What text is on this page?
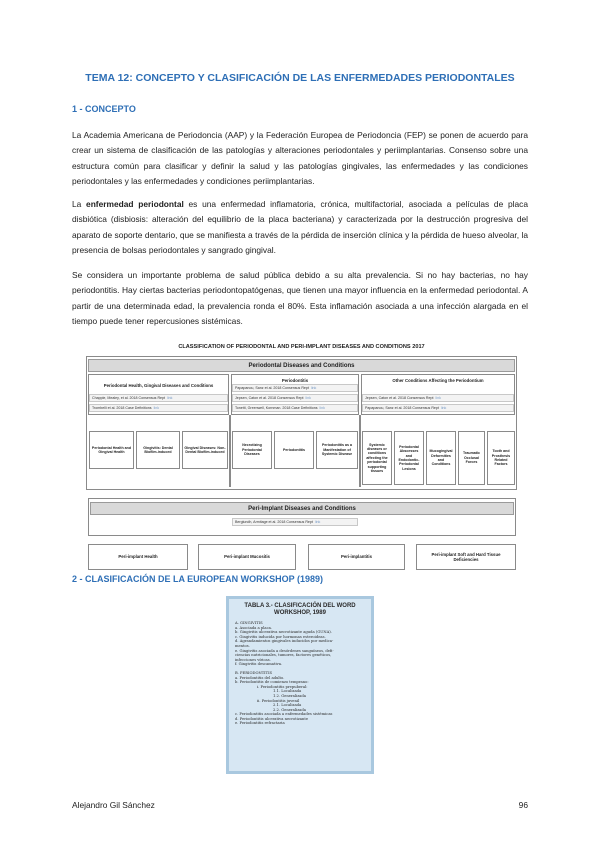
TEMA 12: CONCEPTO Y CLASIFICACIÓN DE LAS ENFERMEDADES PERIODONTALES
1 - CONCEPTO

La Academia Americana de Periodoncia (AAP) y la Federación Europea de Periodoncia (FEP) se ponen de acuerdo para crear un sistema de clasificación de las patologías y alteraciones periodontales y periimplantarias. Consenso sobre una estructura común para clasificar y definir la salud y las patologías gingivales, las enfermedades y las condiciones periodontales y las enfermedades y condiciones periimplantarias.

La enfermedad periodontal es una enfermedad inflamatoria, crónica, multifactorial, asociada a películas de placa disbiótica (disbiosis: alteración del equilibrio de la placa bacteriana) y caracterizada por la destrucción progresiva del aparato de soporte dentario, que se manifiesta a través de la pérdida de inserción clínica y la pérdida de hueso alveolar, la presencia de bolsas periodontales y sangrado gingival.

Se considera un importante problema de salud pública debido a su alta prevalencia. Si no hay bacterias, no hay periodontitis. Hay ciertas bacterias periodontopatógenas, que tienen una mayor influencia en la enfermedad periodontal. A partir de una determinada edad, la prevalencia ronda el 80%. Esta inflamación asociada a una infección alargada en el tiempo puede tener repercusiones sistémicas.

CLASSIFICATION OF PERIODONTAL AND PERI-IMPLANT DISEASES AND CONDITIONS 2017
Periodontal Diseases and Conditions
Periodontal Health, Gingival Diseases and Conditions
Chapple, Mealey, et al. 2018 Consensus Rept link
Trombelli et al. 2018 Case Definitions link
Periodontitis
Papapanou, Sanz et al. 2018 Consensus Rept link
Jepsen, Caton et al. 2018 Consensus Rept link
Tonetti, Greenwell, Kornman. 2018 Case Definitions link
Other Conditions Affecting the Periodontium
Jepsen, Caton et al. 2018 Consensus Rept link
Papapanou, Sanz et al. 2018 Consensus Rept link
Periodontal Health and Gingival Health
Gingivitis: Dental Biofilm-induced
Gingival Diseases: Non-Dental Biofilm-induced
Necrotizing Periodontal Diseases
Periodontitis
Periodontitis as a Manifestation of Systemic Disease
Systemic diseases or conditions affecting the periodontal supporting tissues
Periodontal Abscesses and Endodontic-Periodontal Lesions
Mucogingival Deformities and Conditions
Traumatic Occlusal Forces
Tooth and Prosthesis Related Factors
Peri-Implant Diseases and Conditions
Berglundh, Armitage et al. 2018 Consensus Rept link
Peri-implant Health	Peri-implant Mucositis	Peri-implantitis
Peri-implant Soft and Hard Tissue Deficiencies
2 - CLASIFICACIÓN DE LA EUROPEAN WORKSHOP (1989)
TABLA 3.- CLASIFICACIÓN DEL WORD
WORKSHOP, 1989
A. GINGIVITIS
a. Asociada a placa.
b. Gingivitis ulcerativa necrotizante aguda (GUNA).
c. Gingivitis inducida por hormonas esteroideas.
d. Agrandamientos gingivales inducidos por medica-
mentos.
e. Gingivitis asociada a desórdenes sanguíneos, defi-
ciencias nutricionales, tumores, factores genéticos,
infecciones víricas.
f. Gingivitis descamativa.
B. PERIODONTITIS
a. Periodontitis del adulto.
b. Periodontitis de comienzo temprano:
i. Periodontitis prepuberal:
1.1. Localizada
1.2. Generalizada
ii. Periodontitis juvenil
2.1. Localizada
2.2. Generalizada
c. Periodontitis asociada a enfermedades sistémicas
d. Periodontitis ulcerativa necrotizante
e. Periodontitis refractaria
Alejandro Gil Sánchez	96
